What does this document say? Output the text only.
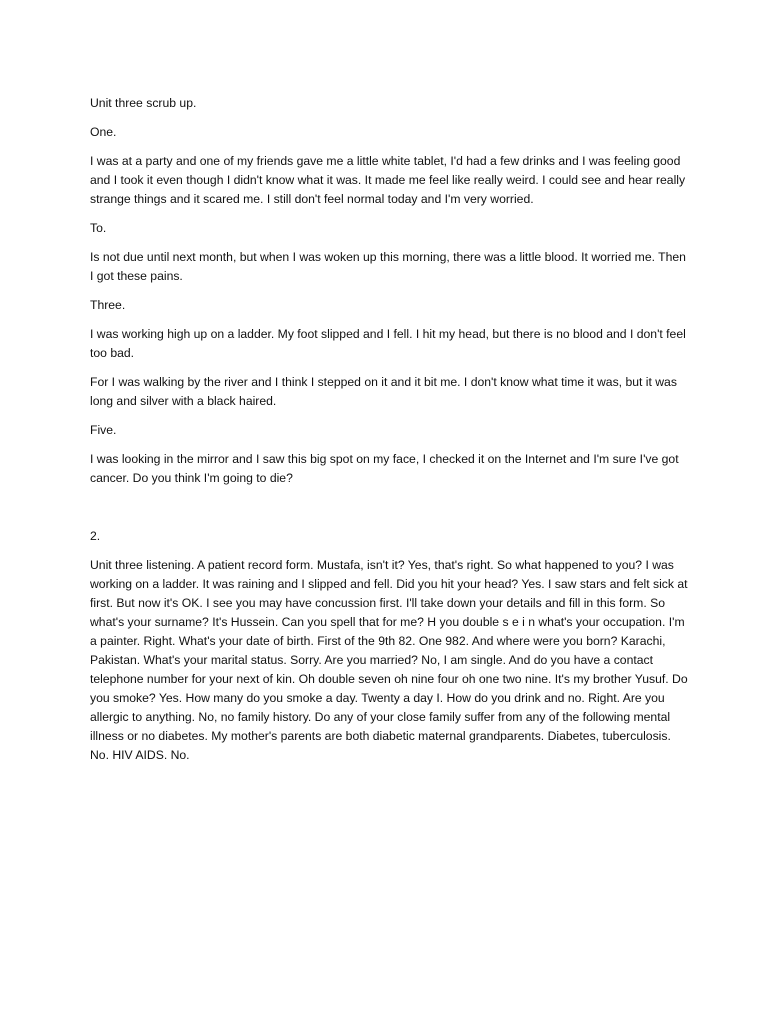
Unit three scrub up.

One.

I was at a party and one of my friends gave me a little white tablet, I'd had a few drinks and I was feeling good and I took it even though I didn't know what it was. It made me feel like really weird. I could see and hear really strange things and it scared me. I still don't feel normal today and I'm very worried.

To.

Is not due until next month, but when I was woken up this morning, there was a little blood. It worried me. Then I got these pains.

Three.

I was working high up on a ladder. My foot slipped and I fell. I hit my head, but there is no blood and I don't feel too bad.

For I was walking by the river and I think I stepped on it and it bit me. I don't know what time it was, but it was long and silver with a black haired.

Five.

I was looking in the mirror and I saw this big spot on my face, I checked it on the Internet and I'm sure I've got cancer. Do you think I'm going to die?

2.

Unit three listening. A patient record form. Mustafa, isn't it? Yes, that's right. So what happened to you? I was working on a ladder. It was raining and I slipped and fell. Did you hit your head? Yes. I saw stars and felt sick at first. But now it's OK. I see you may have concussion first. I'll take down your details and fill in this form. So what's your surname? It's Hussein. Can you spell that for me? H you double s e i n what's your occupation. I'm a painter. Right. What's your date of birth. First of the 9th 82. One 982. And where were you born? Karachi, Pakistan. What's your marital status. Sorry. Are you married? No, I am single. And do you have a contact telephone number for your next of kin. Oh double seven oh nine four oh one two nine. It's my brother Yusuf. Do you smoke? Yes. How many do you smoke a day. Twenty a day I. How do you drink and no. Right. Are you allergic to anything. No, no family history. Do any of your close family suffer from any of the following mental illness or no diabetes. My mother's parents are both diabetic maternal grandparents. Diabetes, tuberculosis. No. HIV AIDS. No.
